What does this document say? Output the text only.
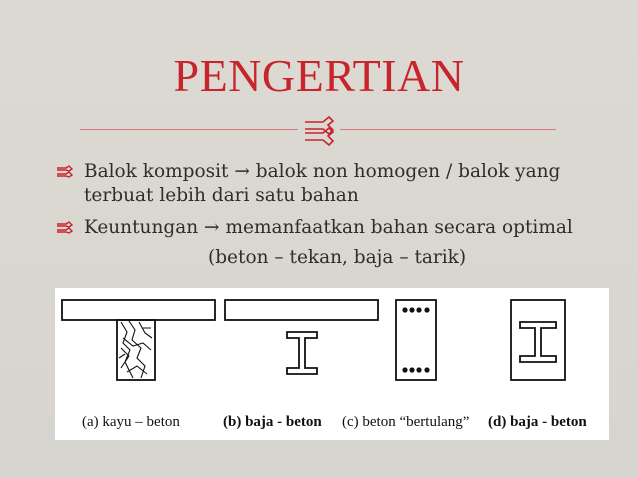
PENGERTIAN
Balok komposit → balok non homogen / balok yang terbuat lebih dari satu bahan
Keuntungan → memanfaatkan bahan secara optimal
(beton – tekan, baja – tarik)
(a) kayu – beton	(b) baja - beton (c) beton “bertulang” (d) baja - beton
